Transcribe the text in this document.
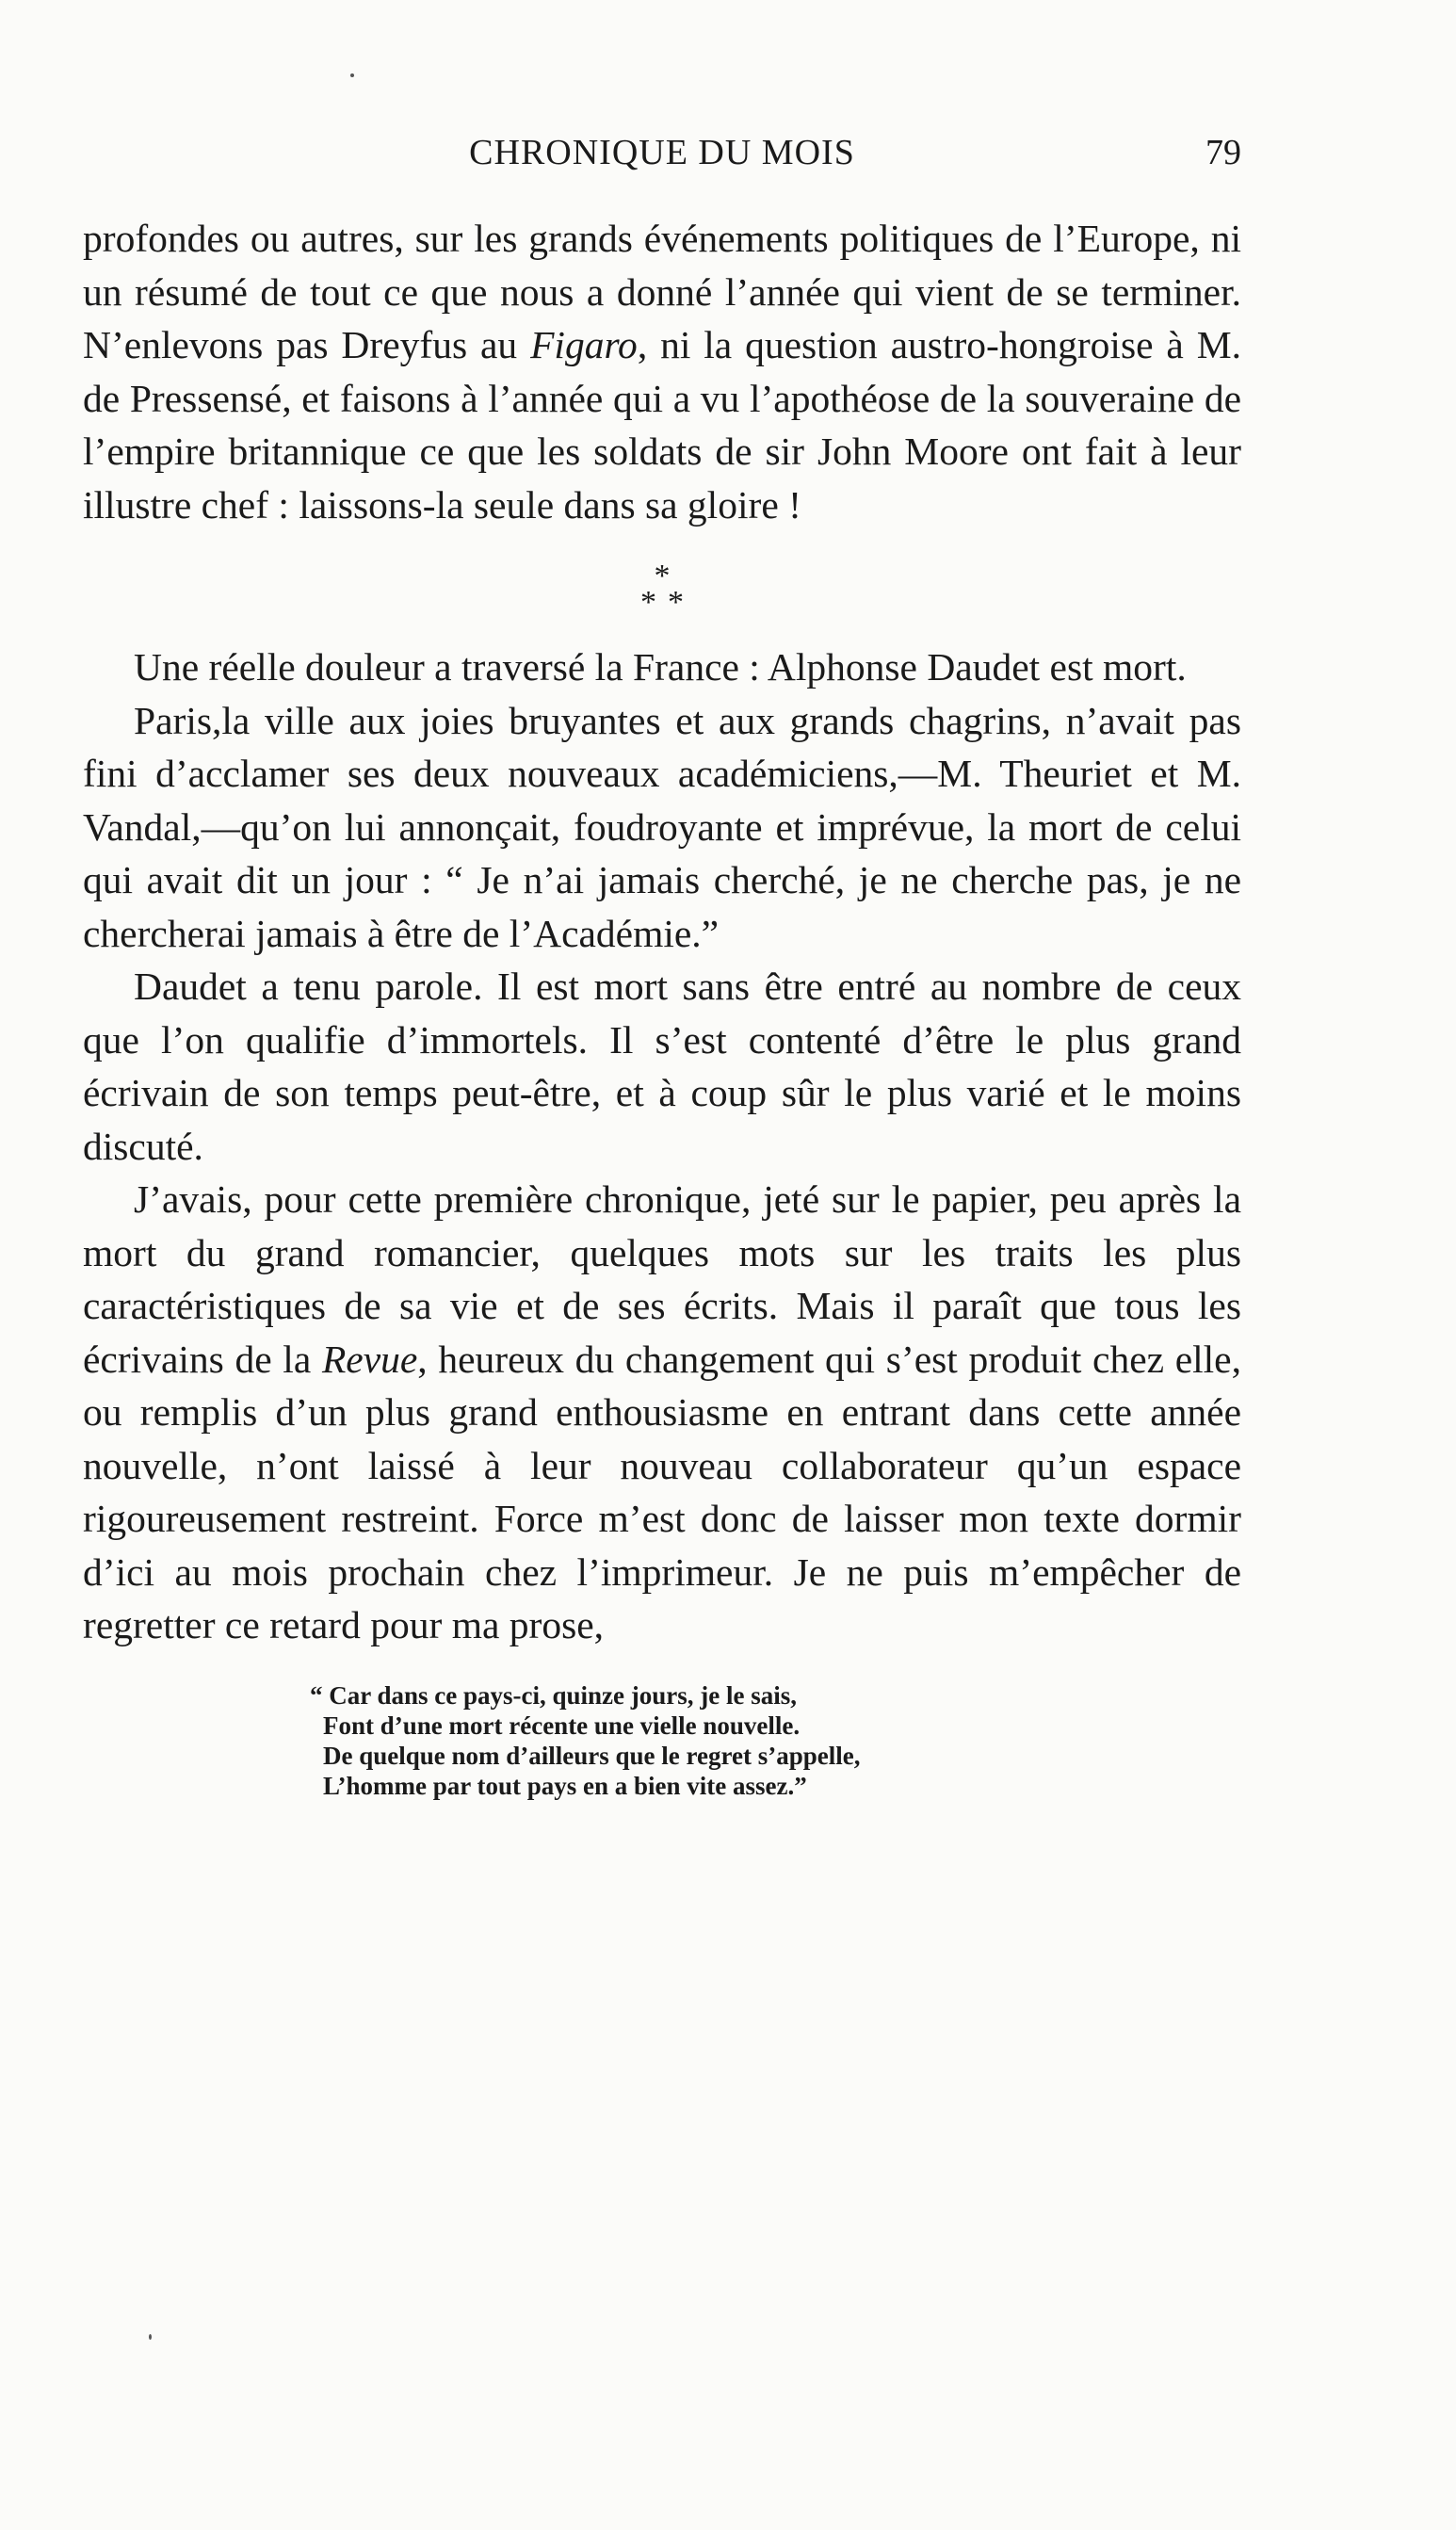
CHRONIQUE DU MOIS	79

profondes ou autres, sur les grands événements politiques de l’Europe, ni un résumé de tout ce que nous a donné l’année qui vient de se terminer. N’enlevons pas Dreyfus au Figaro, ni la question austro-hongroise à M. de Pressensé, et faisons à l’année qui a vu l’apothéose de la souveraine de l’empire britannique ce que les soldats de sir John Moore ont fait à leur illustre chef : laissons-la seule dans sa gloire !

*
**

Une réelle douleur a traversé la France : Alphonse Daudet est mort.

Paris,la ville aux joies bruyantes et aux grands chagrins, n’avait pas fini d’acclamer ses deux nouveaux académiciens,—M. Theuriet et M. Vandal,—qu’on lui annonçait, foudroyante et imprévue, la mort de celui qui avait dit un jour : “ Je n’ai jamais cherché, je ne cherche pas, je ne chercherai jamais à être de l’Académie.”

Daudet a tenu parole. Il est mort sans être entré au nombre de ceux que l’on qualifie d’immortels. Il s’est contenté d’être le plus grand écrivain de son temps peut-être, et à coup sûr le plus varié et le moins discuté.

J’avais, pour cette première chronique, jeté sur le papier, peu après la mort du grand romancier, quelques mots sur les traits les plus caractéristiques de sa vie et de ses écrits. Mais il paraît que tous les écrivains de la Revue, heureux du changement qui s’est produit chez elle, ou remplis d’un plus grand enthousiasme en entrant dans cette année nouvelle, n’ont laissé à leur nouveau collaborateur qu’un espace rigoureusement restreint. Force m’est donc de laisser mon texte dormir d’ici au mois prochain chez l’imprimeur. Je ne puis m’empêcher de regretter ce retard pour ma prose,

“ Car dans ce pays-ci, quinze jours, je le sais,
Font d’une mort récente une vielle nouvelle.
De quelque nom d’ailleurs que le regret s’appelle,
L’homme par tout pays en a bien vite assez.”
